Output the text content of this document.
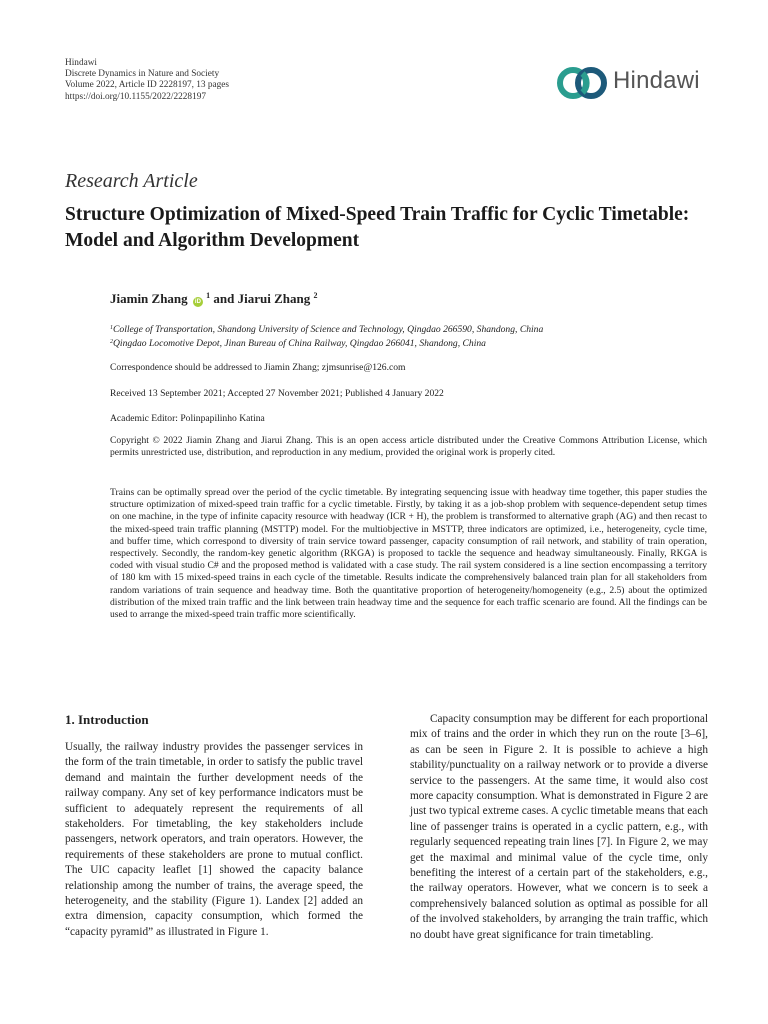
Hindawi
Discrete Dynamics in Nature and Society
Volume 2022, Article ID 2228197, 13 pages
https://doi.org/10.1155/2022/2228197
Hindawi
Research Article
Structure Optimization of Mixed-Speed Train Traffic for Cyclic Timetable: Model and Algorithm Development
Jiamin Zhang iD $^1$ and Jiarui Zhang $^2$
$^1$College of Transportation, Shandong University of Science and Technology, Qingdao 266590, Shandong, China
$^2$Qingdao Locomotive Depot, Jinan Bureau of China Railway, Qingdao 266041, Shandong, China
Correspondence should be addressed to Jiamin Zhang; zjmsunrise@126.com
Received 13 September 2021; Accepted 27 November 2021; Published 4 January 2022
Academic Editor: Polinpapilinho Katina
Copyright © 2022 Jiamin Zhang and Jiarui Zhang. This is an open access article distributed under the Creative Commons Attribution License, which permits unrestricted use, distribution, and reproduction in any medium, provided the original work is properly cited.
Trains can be optimally spread over the period of the cyclic timetable. By integrating sequencing issue with headway time together, this paper studies the structure optimization of mixed-speed train traffic for a cyclic timetable. Firstly, by taking it as a job-shop problem with sequence-dependent setup times on one machine, in the type of infinite capacity resource with headway (ICR + H), the problem is transformed to alternative graph (AG) and then recast to the mixed-speed train traffic planning (MSTTP) model. For the multiobjective in MSTTP, three indicators are optimized, i.e., heterogeneity, cycle time, and buffer time, which correspond to diversity of train service toward passenger, capacity consumption of rail network, and stability of train operation, respectively. Secondly, the random-key genetic algorithm (RKGA) is proposed to tackle the sequence and headway simultaneously. Finally, RKGA is coded with visual studio C# and the proposed method is validated with a case study. The rail system considered is a line section encompassing a territory of 180 km with 15 mixed-speed trains in each cycle of the timetable. Results indicate the comprehensively balanced train plan for all stakeholders from random variations of train sequence and headway time. Both the quantitative proportion of heterogeneity/homogeneity (e.g., 2.5) about the optimized distribution of the mixed train traffic and the link between train headway time and the sequence for each traffic scenario are found. All the findings can be used to arrange the mixed-speed train traffic more scientifically.
1. Introduction

Usually, the railway industry provides the passenger services in the form of the train timetable, in order to satisfy the public travel demand and maintain the further development needs of the railway company. Any set of key performance indicators must be sufficient to adequately represent the requirements of all stakeholders. For timetabling, the key stakeholders include passengers, network operators, and train operators. However, the requirements of these stakeholders are prone to mutual conflict. The UIC capacity leaflet [1] showed the capacity balance relationship among the number of trains, the average speed, the heterogeneity, and the stability (Figure 1). Landex [2] added an extra dimension, capacity consumption, which formed the “capacity pyramid” as illustrated in Figure 1.

Capacity consumption may be different for each proportional mix of trains and the order in which they run on the route [3–6], as can be seen in Figure 2. It is possible to achieve a high stability/punctuality on a railway network or to provide a diverse service to the passengers. At the same time, it would also cost more capacity consumption. What is demonstrated in Figure 2 are just two typical extreme cases. A cyclic timetable means that each line of passenger trains is operated in a cyclic pattern, e.g., with regularly sequenced repeating train lines [7]. In Figure 2, we may get the maximal and minimal value of the cycle time, only benefiting the interest of a certain part of the stakeholders, e.g., the railway operators. However, what we concern is to seek a comprehensively balanced solution as optimal as possible for all of the involved stakeholders, by arranging the train traffic, which no doubt have great significance for train timetabling.
